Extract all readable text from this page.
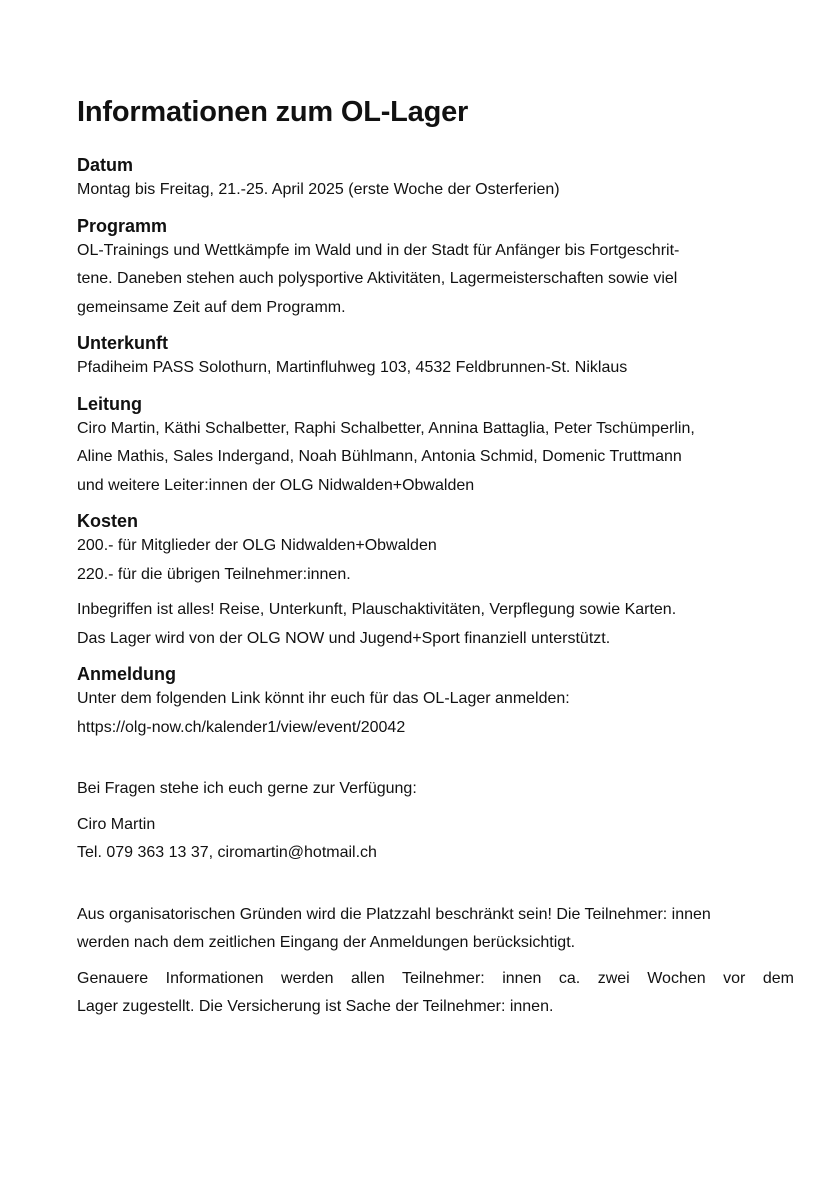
Informationen zum OL-Lager
Datum

Montag bis Freitag, 21.-25. April 2025 (erste Woche der Osterferien)

Programm

OL-Trainings und Wettkämpfe im Wald und in der Stadt für Anfänger bis Fortgeschrit-

tene. Daneben stehen auch polysportive Aktivitäten, Lagermeisterschaften sowie viel

gemeinsame Zeit auf dem Programm.

Unterkunft

Pfadiheim PASS Solothurn, Martinfluhweg 103, 4532 Feldbrunnen-St. Niklaus

Leitung

Ciro Martin, Käthi Schalbetter, Raphi Schalbetter, Annina Battaglia, Peter Tschümperlin,

Aline Mathis, Sales Indergand, Noah Bühlmann, Antonia Schmid, Domenic Truttmann

und weitere Leiter:innen der OLG Nidwalden+Obwalden

Kosten

200.- für Mitglieder der OLG Nidwalden+Obwalden

220.- für die übrigen Teilnehmer:innen.

Inbegriffen ist alles! Reise, Unterkunft, Plauschaktivitäten, Verpflegung sowie Karten.

Das Lager wird von der OLG NOW und Jugend+Sport finanziell unterstützt.

Anmeldung

Unter dem folgenden Link könnt ihr euch für das OL-Lager anmelden:

https://olg-now.ch/kalender1/view/event/20042

Bei Fragen stehe ich euch gerne zur Verfügung:

Ciro Martin

Tel. 079 363 13 37, ciromartin@hotmail.ch

Aus organisatorischen Gründen wird die Platzzahl beschränkt sein! Die Teilnehmer: innen

werden nach dem zeitlichen Eingang der Anmeldungen berücksichtigt.

Genauere Informationen werden allen Teilnehmer: innen ca. zwei Wochen vor dem

Lager zugestellt. Die Versicherung ist Sache der Teilnehmer: innen.
